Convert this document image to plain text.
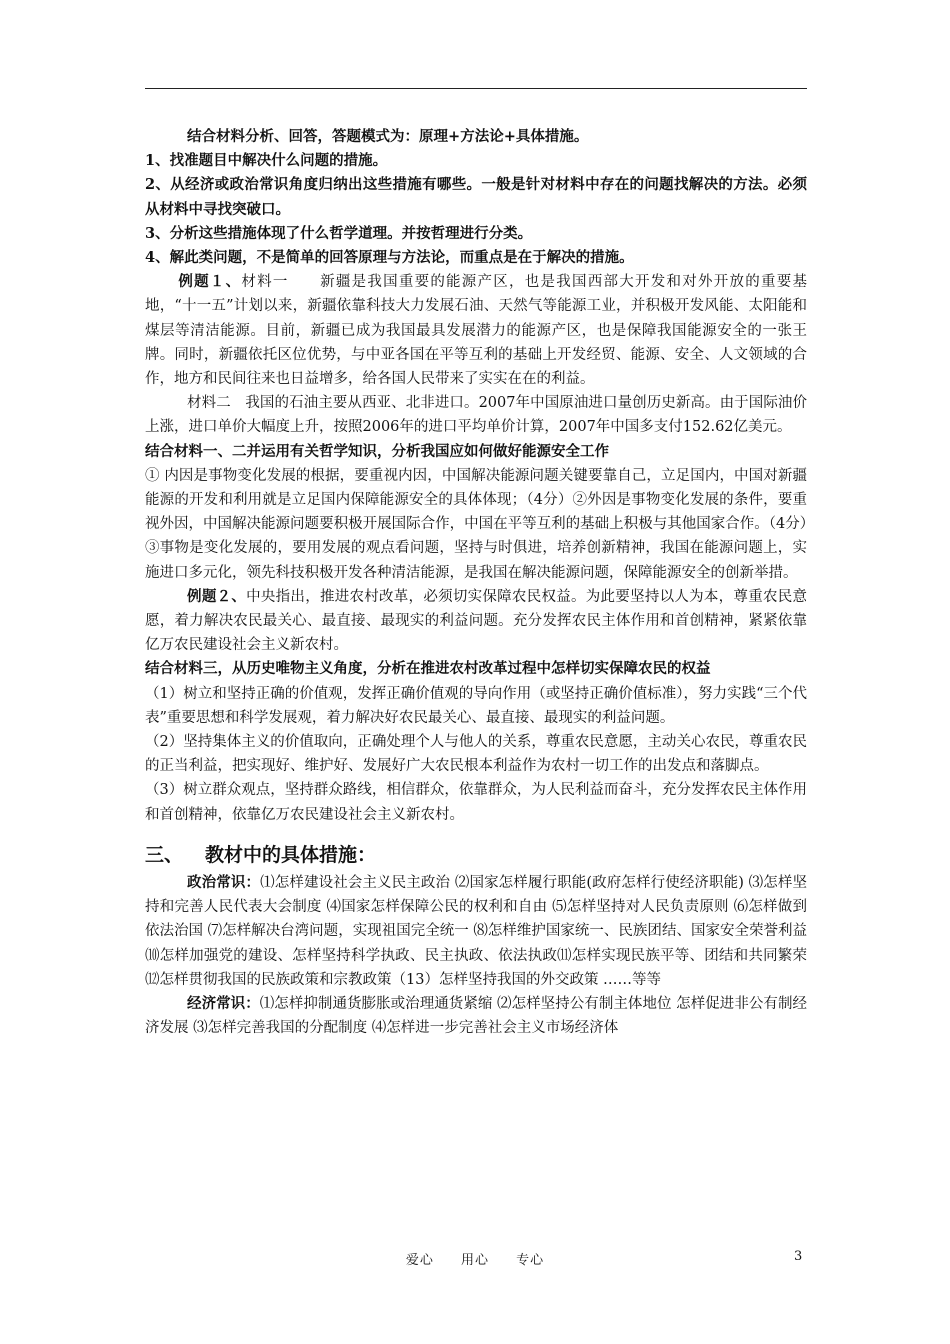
结合材料分析、回答，答题模式为：原理+方法论+具体措施。

1、找准题目中解决什么问题的措施。

2、从经济或政治常识角度归纳出这些措施有哪些。一般是针对材料中存在的问题找解决的方法。必须从材料中寻找突破口。

3、分析这些措施体现了什么哲学道理。并按哲理进行分类。

4、解此类问题，不是简单的回答原理与方法论，而重点是在于解决的措施。

例题１、材料一　　新疆是我国重要的能源产区，也是我国西部大开发和对外开放的重要基地，“十一五”计划以来，新疆依靠科技大力发展石油、天然气等能源工业，并积极开发风能、太阳能和煤层等清洁能源。目前，新疆已成为我国最具发展潜力的能源产区，也是保障我国能源安全的一张王牌。同时，新疆依托区位优势，与中亚各国在平等互利的基础上开发经贸、能源、安全、人文领域的合作，地方和民间往来也日益增多，给各国人民带来了实实在在的利益。

材料二　我国的石油主要从西亚、北非进口。2007年中国原油进口量创历史新高。由于国际油价上涨，进口单价大幅度上升，按照2006年的进口平均单价计算，2007年中国多支付152.62亿美元。

结合材料一、二并运用有关哲学知识，分析我国应如何做好能源安全工作

① 内因是事物变化发展的根据，要重视内因，中国解决能源问题关键要靠自己，立足国内，中国对新疆能源的开发和利用就是立足国内保障能源安全的具体体现；（4分）②外因是事物变化发展的条件，要重视外因，中国解决能源问题要积极开展国际合作，中国在平等互利的基础上积极与其他国家合作。（4分）③事物是变化发展的，要用发展的观点看问题，坚持与时俱进，培养创新精神，我国在能源问题上，实施进口多元化，领先科技积极开发各种清洁能源，是我国在解决能源问题，保障能源安全的创新举措。

例题２、中央指出，推进农村改革，必须切实保障农民权益。为此要坚持以人为本，尊重农民意愿，着力解决农民最关心、最直接、最现实的利益问题。充分发挥农民主体作用和首创精神，紧紧依靠亿万农民建设社会主义新农村。

结合材料三，从历史唯物主义角度，分析在推进农村改革过程中怎样切实保障农民的权益

（1）树立和坚持正确的价值观，发挥正确价值观的导向作用（或坚持正确价值标准），努力实践“三个代表”重要思想和科学发展观，着力解决好农民最关心、最直接、最现实的利益问题。

（2）坚持集体主义的价值取向，正确处理个人与他人的关系，尊重农民意愿，主动关心农民，尊重农民的正当利益，把实现好、维护好、发展好广大农民根本利益作为农村一切工作的出发点和落脚点。

（3）树立群众观点，坚持群众路线，相信群众，依靠群众，为人民利益而奋斗，充分发挥农民主体作用和首创精神，依靠亿万农民建设社会主义新农村。

三、 教材中的具体措施：

政治常识：⑴怎样建设社会主义民主政治 ⑵国家怎样履行职能(政府怎样行使经济职能) ⑶怎样坚持和完善人民代表大会制度 ⑷国家怎样保障公民的权利和自由 ⑸怎样坚持对人民负责原则 ⑹怎样做到依法治国 ⑺怎样解决台湾问题，实现祖国完全统一 ⑻怎样维护国家统一、民族团结、国家安全荣誉利益⑽怎样加强党的建设、怎样坚持科学执政、民主执政、依法执政⑾怎样实现民族平等、团结和共同繁荣⑿怎样贯彻我国的民族政策和宗教政策（13）怎样坚持我国的外交政策 ……等等

经济常识：⑴怎样抑制通货膨胀或治理通货紧缩 ⑵怎样坚持公有制主体地位 怎样促进非公有制经济发展 ⑶怎样完善我国的分配制度 ⑷怎样进一步完善社会主义市场经济体

爱心 用心 专心	3
